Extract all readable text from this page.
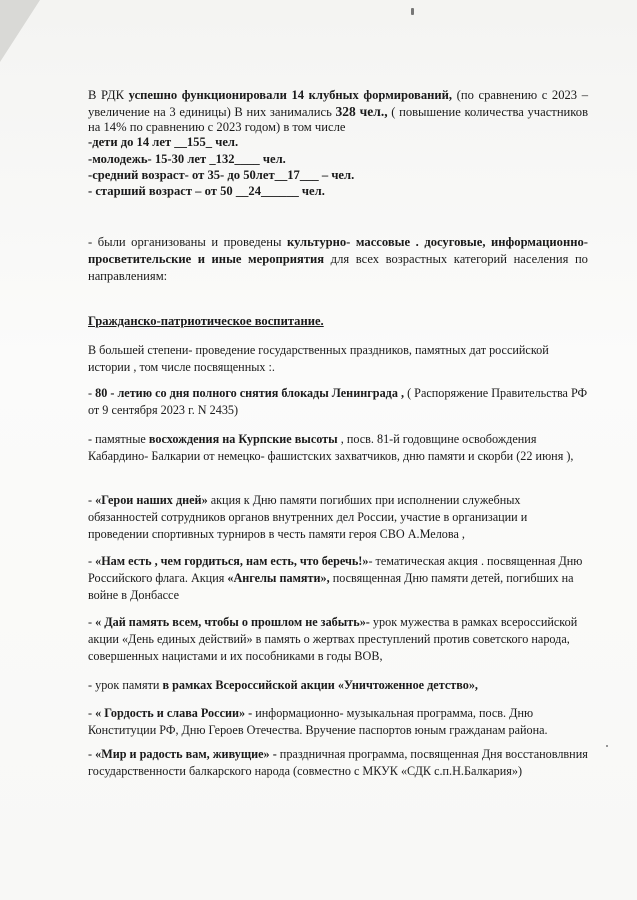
В РДК успешно функционировали 14 клубных формирований, (по сравнению с 2023 – увеличение на 3 единицы) В них занимались 328 чел., ( повышение количества участников на 14% по сравнению с 2023 годом) в том числе

-дети до 14 лет __155_ чел.

-молодежь- 15-30 лет _132____ чел.

-средний возраст- от 35- до 50лет__17___ – чел.

- старший возраст – от 50 __24______ чел.

- были организованы и проведены культурно- массовые . досуговые, информационно-просветительские и иные мероприятия для всех возрастных категорий населения по направлениям:

Гражданско-патриотическое воспитание.

В большей степени- проведение государственных праздников, памятных дат российской истории , том числе посвященных :.

- 80 - летию со дня полного снятия блокады Ленинграда , ( Распоряжение Правительства РФ от 9 сентября 2023 г. N 2435)

- памятные восхождения на Курпские высоты , посв. 81-й годовщине освобождения Кабардино- Балкарии от немецко- фашистских захватчиков, дню памяти и скорби (22 июня ),

- «Герои наших дней» акция к Дню памяти погибших при исполнении служебных обязанностей сотрудников органов внутренних дел России, участие в организации и проведении спортивных турниров в честь памяти героя СВО А.Мелова ,

- «Нам есть , чем гордиться, нам есть, что беречь!»- тематическая акция . посвященная Дню Российского флага. Акция «Ангелы памяти», посвященная Дню памяти детей, погибших на войне в Донбассе

- « Дай память всем, чтобы о прошлом не забыть»- урок мужества в рамках всероссийской акции «День единых действий» в память о жертвах преступлений против советского народа, совершенных нацистами и их пособниками в годы ВОВ,

- урок памяти в рамках Всероссийской акции «Уничтоженное детство»,

- « Гордость и слава России» - информационно- музыкальная программа, посв. Дню Конституции РФ, Дню Героев Отечества. Вручение паспортов юным гражданам района.

- «Мир и радость вам, живущие» - праздничная программа, посвященная Дня восстановлвния государственности балкарского народа (совместно с МКУК «СДК с.п.Н.Балкария»)
